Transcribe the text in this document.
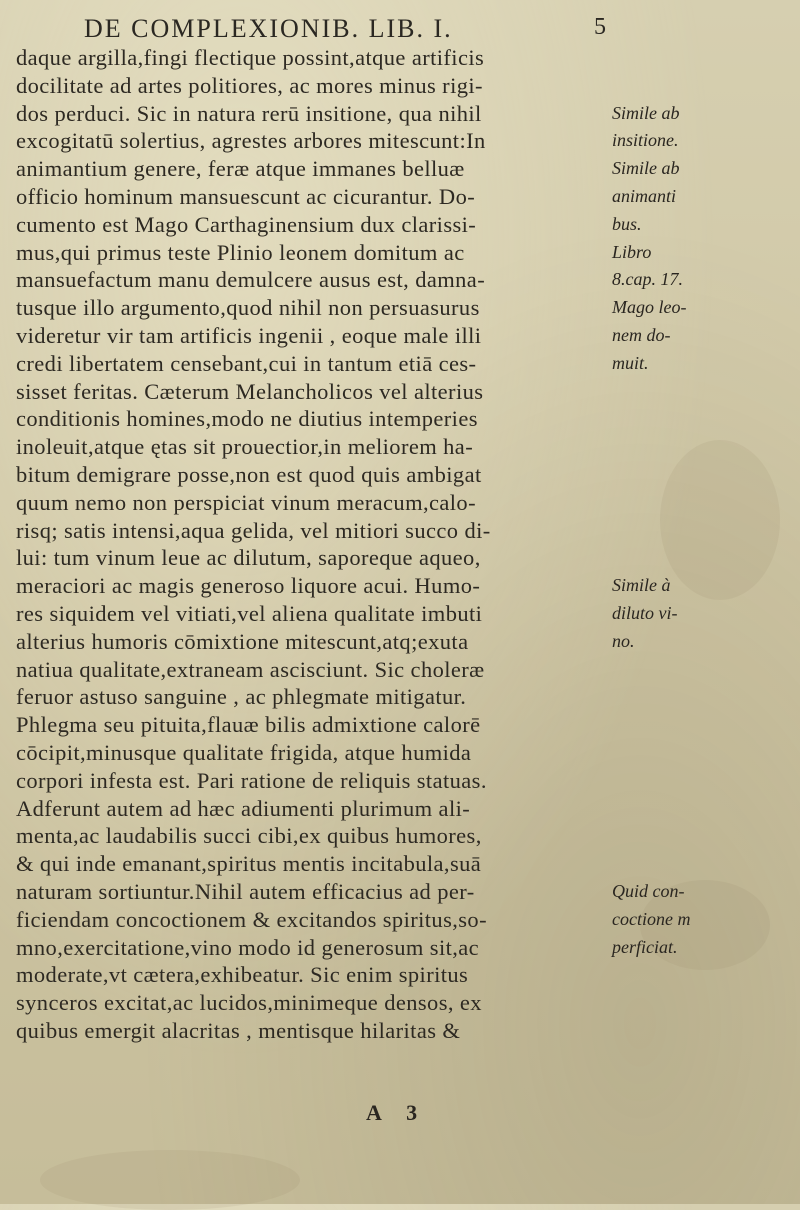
DE COMPLEXIONIB. LIB. I.	5
daque argilla,fingi flectique possint,atque artificis
docilitate ad artes politiores, ac mores minus rigi-
dos perduci. Sic in natura rerū insitione, qua nihil
excogitatū solertius, agrestes arbores mitescunt:In
animantium genere, feræ atque immanes belluæ
officio hominum mansuescunt ac cicurantur. Do-
cumento est Mago Carthaginensium dux clarissi-
mus,qui primus teste Plinio leonem domitum ac
mansuefactum manu demulcere ausus est, damna-
tusque illo argumento,quod nihil non persuasurus
videretur vir tam artificis ingenii , eoque male illi
credi libertatem censebant,cui in tantum etiā ces-
sisset feritas. Cæterum Melancholicos vel alterius
conditionis homines,modo ne diutius intemperies
inoleuit,atque ętas sit prouectior,in meliorem ha-
bitum demigrare posse,non est quod quis ambigat
quum nemo non perspiciat vinum meracum,calo-
risq; satis intensi,aqua gelida, vel mitiori succo di-
lui: tum vinum leue ac dilutum, saporeque aqueo,
meraciori ac magis generoso liquore acui. Humo-
res siquidem vel vitiati,vel aliena qualitate imbuti
alterius humoris cōmixtione mitescunt,atq;exuta
natiua qualitate,extraneam ascisciunt. Sic choleræ
feruor astuso sanguine , ac phlegmate mitigatur.
Phlegma seu pituita,flauæ bilis admixtione calorē
cōcipit,minusque qualitate frigida, atque humida
corpori infesta est. Pari ratione de reliquis statuas.
Adferunt autem ad hæc adiumenti plurimum ali-
menta,ac laudabilis succi cibi,ex quibus humores,
& qui inde emanant,spiritus mentis incitabula,suā
naturam sortiuntur.Nihil autem efficacius ad per-
ficiendam concoctionem & excitandos spiritus,so-
mno,exercitatione,vino modo id generosum sit,ac
moderate,vt cætera,exhibeatur. Sic enim spiritus
synceros excitat,ac lucidos,minimeque densos, ex
quibus emergit alacritas , mentisque hilaritas &
Simile ab
insitione.
Simile ab
animanti
bus.
Libro
8.cap. 17.
Mago leo-
nem do-
muit.
Simile à
diluto vi-
no.
Quid con-
coctione m
perficiat.
A 3
